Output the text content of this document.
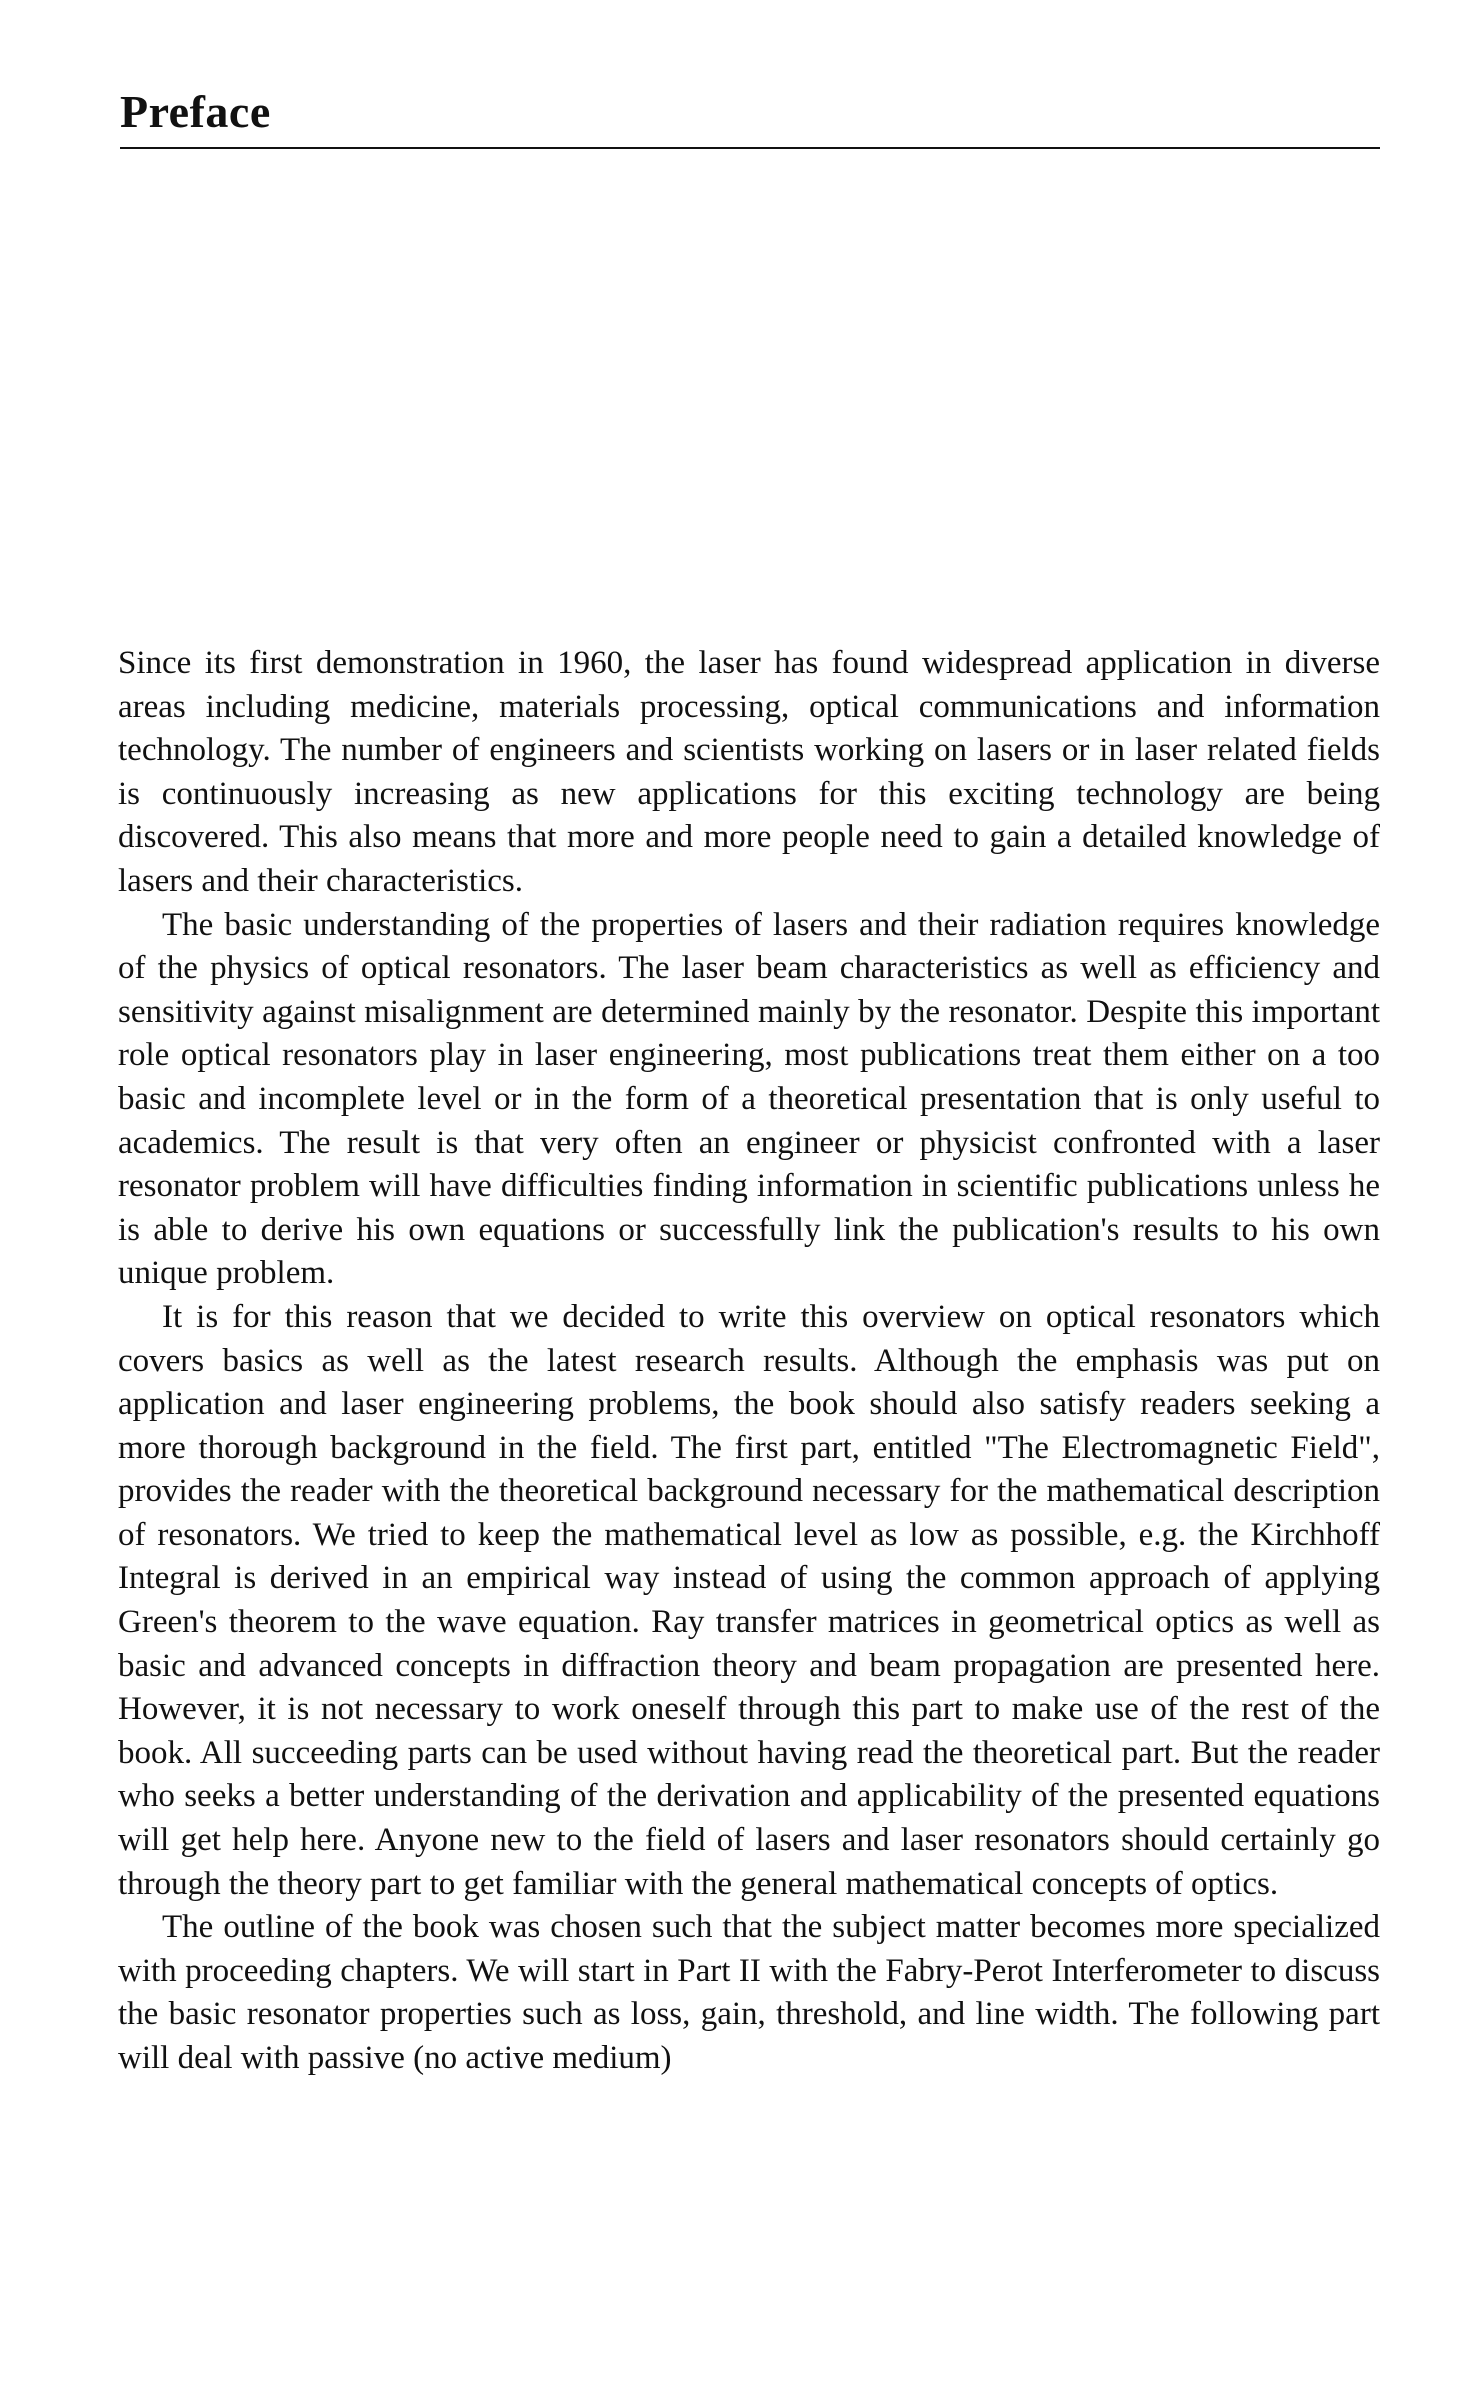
Preface

Since its first demonstration in 1960, the laser has found widespread application in diverse areas including medicine, materials processing, optical communications and information technology. The number of engineers and scientists working on lasers or in laser related fields is continuously increasing as new applications for this exciting technology are being discovered. This also means that more and more people need to gain a detailed knowledge of lasers and their characteristics.

The basic understanding of the properties of lasers and their radiation requires knowledge of the physics of optical resonators. The laser beam characteristics as well as efficiency and sensitivity against misalignment are determined mainly by the resonator. Despite this important role optical resonators play in laser engineering, most publications treat them either on a too basic and incomplete level or in the form of a theoretical presentation that is only useful to academics. The result is that very often an engineer or physicist confronted with a laser resonator problem will have difficulties finding information in scientific publications unless he is able to derive his own equations or successfully link the publication's results to his own unique problem.

It is for this reason that we decided to write this overview on optical resonators which covers basics as well as the latest research results. Although the emphasis was put on application and laser engineering problems, the book should also satisfy readers seeking a more thorough background in the field. The first part, entitled "The Electromagnetic Field", provides the reader with the theoretical background necessary for the mathematical description of resonators. We tried to keep the mathematical level as low as possible, e.g. the Kirchhoff Integral is derived in an empirical way instead of using the common approach of applying Green's theorem to the wave equation. Ray transfer matrices in geometrical optics as well as basic and advanced concepts in diffraction theory and beam propagation are presented here. However, it is not necessary to work oneself through this part to make use of the rest of the book. All succeeding parts can be used without having read the theoretical part. But the reader who seeks a better understanding of the derivation and applicability of the presented equations will get help here. Anyone new to the field of lasers and laser resonators should certainly go through the theory part to get familiar with the general mathematical concepts of optics.

The outline of the book was chosen such that the subject matter becomes more specialized with proceeding chapters. We will start in Part II with the Fabry-Perot Interferometer to discuss the basic resonator properties such as loss, gain, threshold, and line width. The following part will deal with passive (no active medium)
